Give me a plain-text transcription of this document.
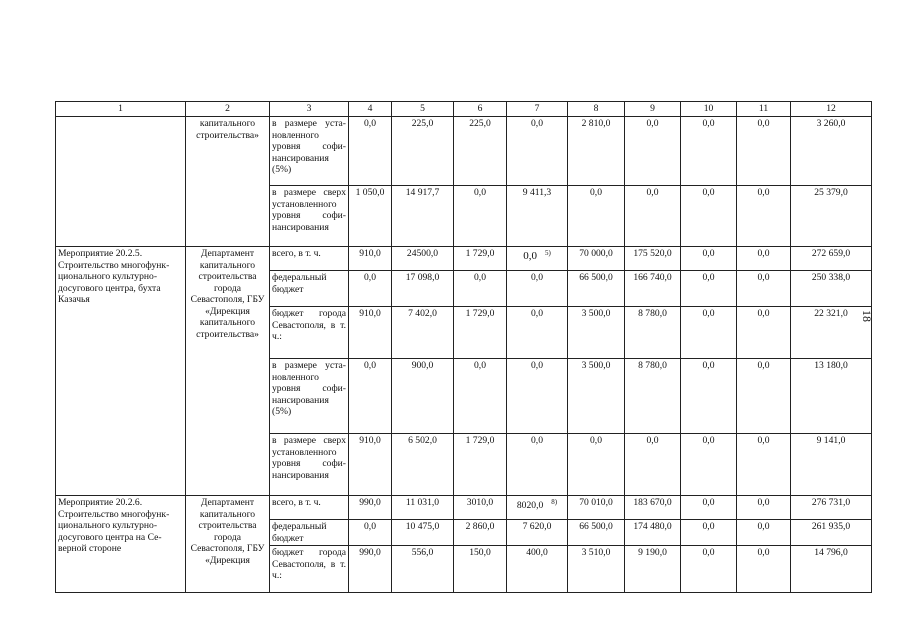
18
1	2	3	4	5	6	7	8	9	10	11	12
	капитального строительства»	в размере уста-новленного уровня софи-нансирования (5%)	0,0	225,0	225,0	0,0	2 810,0	0,0	0,0	0,0	3 260,0
		в размере сверх установленного уровня софи-нансирования	1 050,0	14 917,7	0,0	9 411,3	0,0	0,0	0,0	0,0	25 379,0
Мероприятие 20.2.5. Строительство многофунк-ционального культурно-досугового центра, бухта Казачья	Департамент капитального строительства города Севастополя, ГБУ «Дирекция капитального строительства»	всего, в т. ч.	910,0	24500,0	1 729,0	0,0 $^{5)}$	70 000,0	175 520,0	0,0	0,0	272 659,0
		федеральный бюджет	0,0	17 098,0	0,0	0,0	66 500,0	166 740,0	0,0	0,0	250 338,0
		бюджет города Севастополя, в т. ч.:	910,0	7 402,0	1 729,0	0,0	3 500,0	8 780,0	0,0	0,0	22 321,0
		в размере уста-новленного уровня софи-нансирования (5%)	0,0	900,0	0,0	0,0	3 500,0	8 780,0	0,0	0,0	13 180,0
		в размере сверх установленного уровня софи-нансирования	910,0	6 502,0	1 729,0	0,0	0,0	0,0	0,0	0,0	9 141,0
Мероприятие 20.2.6. Строительство многофунк-ционального культурно-досугового центра на Се-верной стороне	Департамент капитального строительства города Севастополя, ГБУ «Дирекция	всего, в т. ч.	990,0	11 031,0	3010,0	8020,0 $^{8)}$	70 010,0	183 670,0	0,0	0,0	276 731,0
		федеральный бюджет	0,0	10 475,0	2 860,0	7 620,0	66 500,0	174 480,0	0,0	0,0	261 935,0
		бюджет города Севастополя, в т. ч.:	990,0	556,0	150,0	400,0	3 510,0	9 190,0	0,0	0,0	14 796,0
